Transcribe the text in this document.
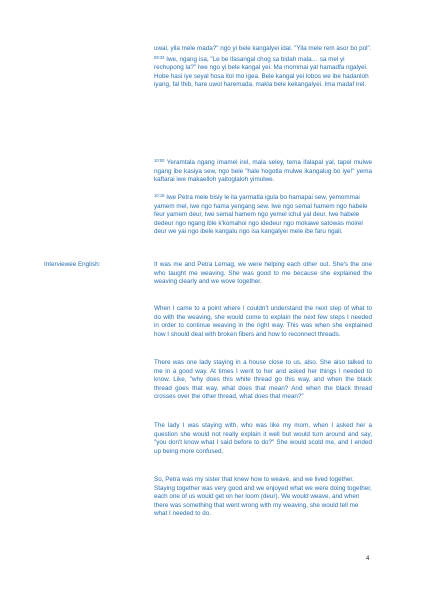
uwal, yila mele mada?" ngo yi bele kangalyei idal. "Yila mele rem asor bo pol". $^{09:33}$ Iwe, ngang isa, "Le be ifasangal chog sa bidah mala… sa mel yi rechupong la?" Iwe ngo yi bele kangal yei. Ma mommai yal hamadfa ngalyei. Hobe hasi iye seyal hosa itol mo igea. Bele kangal yei lobos we ibe hadanloh iyang, fal thib, hare uwol haremada, makla bele kekangalyei. Ima madaf irel.

$^{10:00}$ Yeramtala ngang imamel irel, mala seley, tema ifalapal yal, tapel mulwe ngang ibe kasiya sew, ngo bele "hale hogotla mulwe ikangalug bo iye!" yema kaftarai iwe makaelloh yaitoglaloh yimulwe.

$^{10:15}$ Iwe Petra mele bisiy le ila yarmatla igula bo hamapai sew, yemommai yamem mel, iwe ngo hama yengang sew. Iwe ngo semal hamem ngo habele feur yamem deur, Iwe semal hamem ngo yemel ichul yal deur. Iwe habele dedeur ngo ngang ible k'komahoi ngo idedeur ngo mokawe satowas moirel deur we yai ngo ibele kangalu ngo isa kangalyei mele ibe faru ngali.

Interviewee English:	It was me and Petra Lemag; we were helping each other out. She's the one who taught me weaving. She was good to me because she explained the weaving clearly and we wove together.

When I came to a point where I couldn't understand the next step of what to do with the weaving, she would come to explain the next few steps I needed in order to continue weaving in the right way. This was when she explained how I should deal with broken fibers and how to reconnect threads.

There was one lady staying in a house close to us, also. She also talked to me in a good way. At times I went to her and asked her things I needed to know. Like, "why does this white thread go this way, and when the black thread goes that way, what does that mean? And when the black thread crosses over the other thread, what does that mean?"

The lady I was staying with, who was like my mom, when I asked her a question she would not really explain it well but would turn around and say, "you don't know what I said before to do?" She would scold me, and I ended up being more confused.

So, Petra was my sister that knew how to weave, and we lived together. Staying together was very good and we enjoyed what we were doing together, each one of us would get on her loom (deur). We would weave, and when there was something that went wrong with my weaving, she would tell me what I needed to do.

4
